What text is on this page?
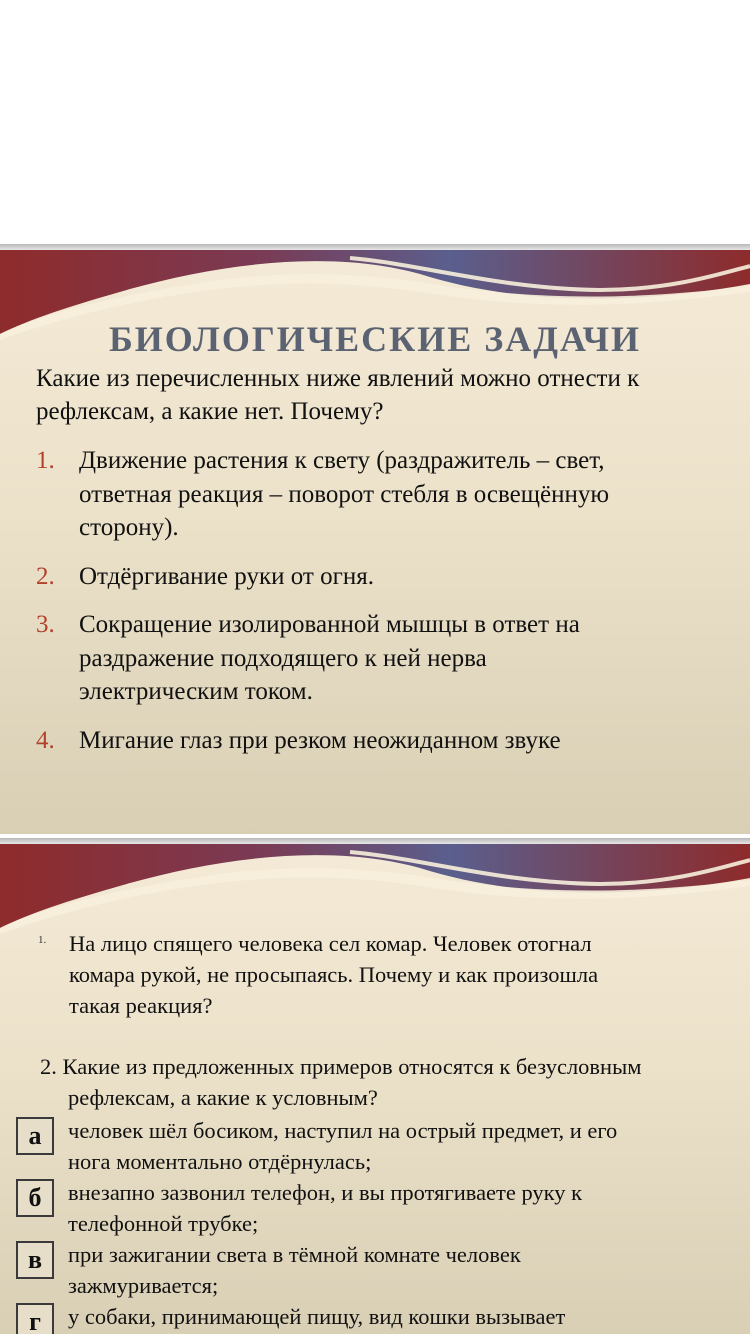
БИОЛОГИЧЕСКИЕ ЗАДАЧИ
Какие из перечисленных ниже явлений можно отнести к
рефлексам, а какие нет. Почему?
1. Движение растения к свету (раздражитель – свет,
ответная реакция – поворот стебля в освещённую
сторону).
2. Отдёргивание руки от огня.
3. Сокращение изолированной мышцы в ответ на
раздражение подходящего к ней нерва
электрическим током.
4. Мигание глаз при резком неожиданном звуке
1. На лицо спящего человека сел комар. Человек отогнал
комара рукой, не просыпаясь. Почему и как произошла
такая реакция?
2. Какие из предложенных примеров относятся к безусловным
рефлексам, а какие к условным?
а	человек шёл босиком, наступил на острый предмет, и его
нога моментально отдёрнулась;
б	внезапно зазвонил телефон, и вы протягиваете руку к
телефонной трубке;
в	при зажигании света в тёмной комнате человек
зажмуривается;
г	у собаки, принимающей пищу, вид кошки вызывает
